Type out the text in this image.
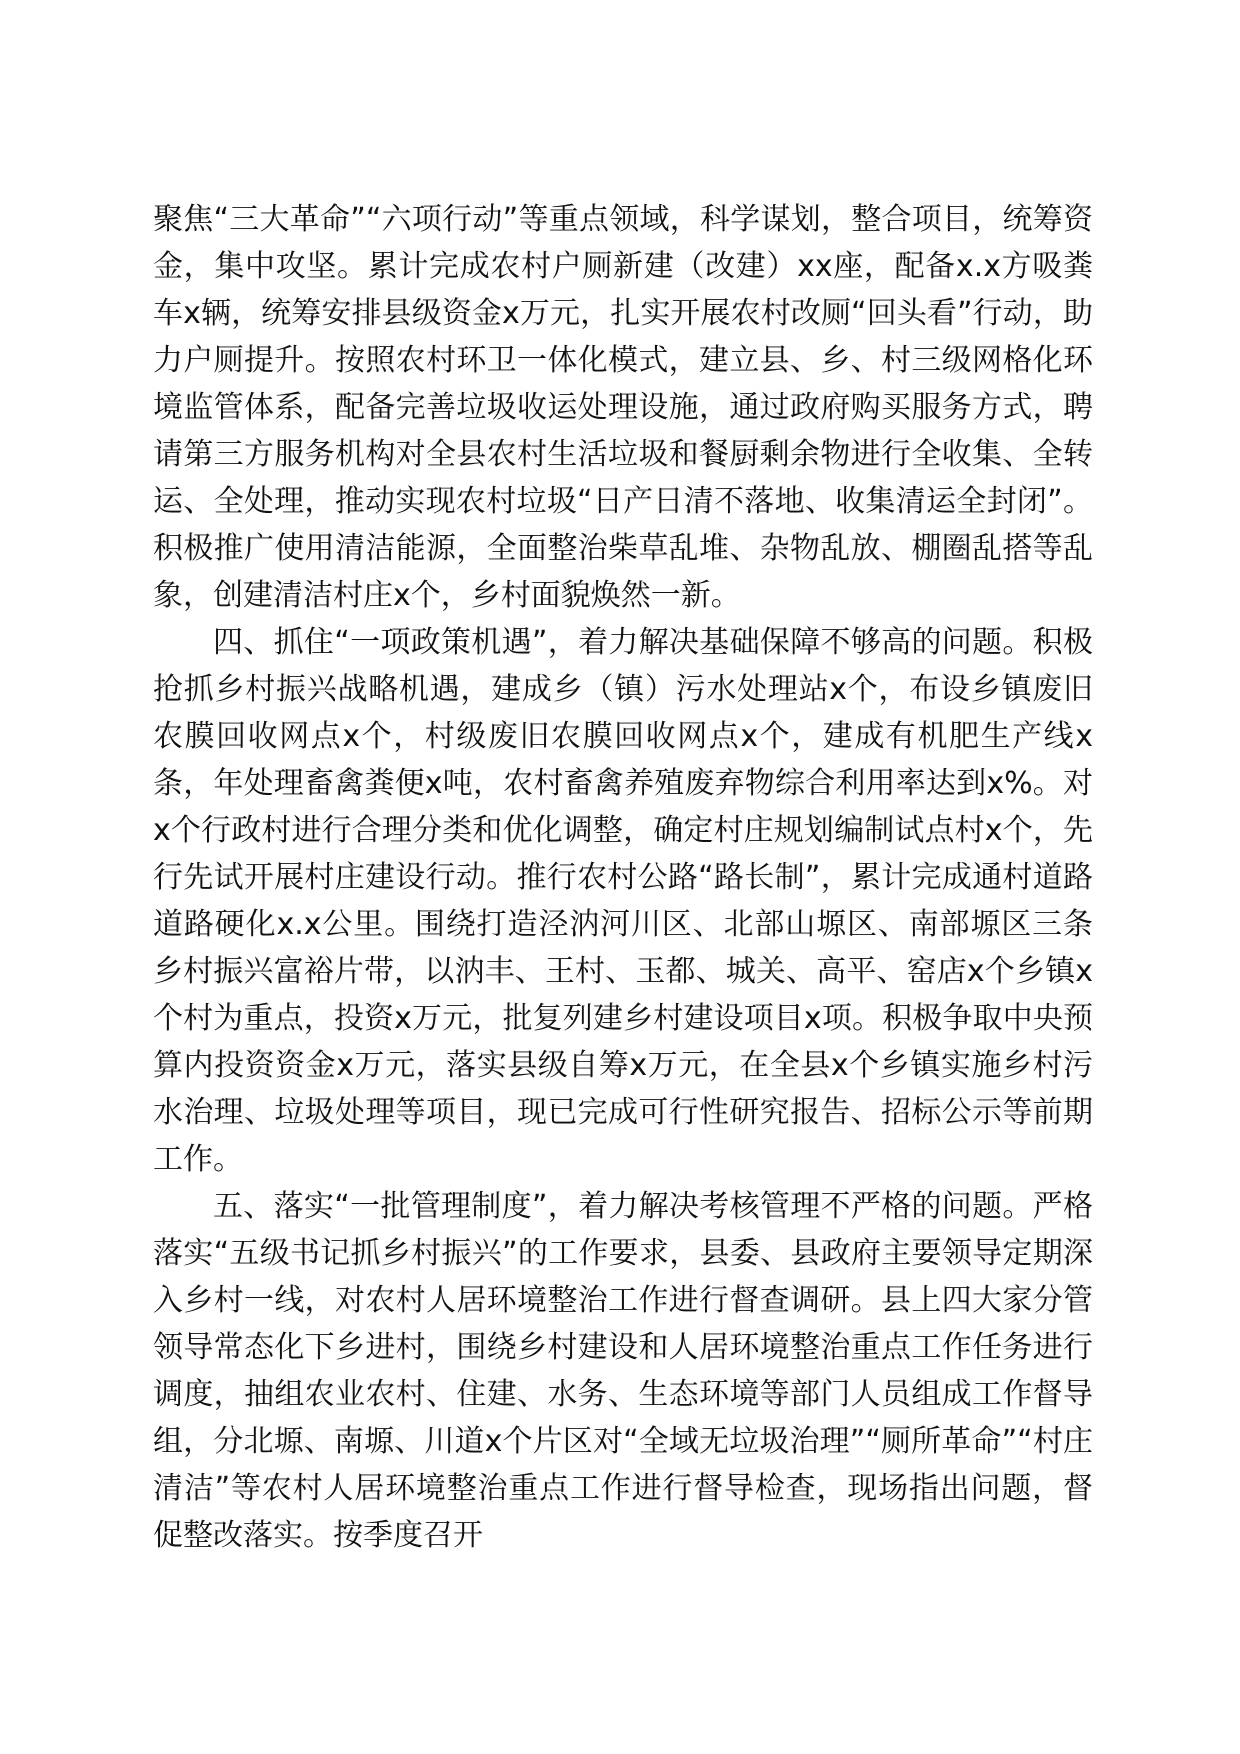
聚焦“三大革命”“六项行动”等重点领域，科学谋划，整合项目，统筹资金，集中攻坚。累计完成农村户厕新建（改建）xx座，配备x.x方吸粪车x辆，统筹安排县级资金x万元，扎实开展农村改厕“回头看”行动，助力户厕提升。按照农村环卫一体化模式，建立县、乡、村三级网格化环境监管体系，配备完善垃圾收运处理设施，通过政府购买服务方式，聘请第三方服务机构对全县农村生活垃圾和餐厨剩余物进行全收集、全转运、全处理，推动实现农村垃圾“日产日清不落地、收集清运全封闭”。积极推广使用清洁能源，全面整治柴草乱堆、杂物乱放、棚圈乱搭等乱象，创建清洁村庄x个，乡村面貌焕然一新。

四、抓住“一项政策机遇”，着力解决基础保障不够高的问题。积极抢抓乡村振兴战略机遇，建成乡（镇）污水处理站x个，布设乡镇废旧农膜回收网点x个，村级废旧农膜回收网点x个，建成有机肥生产线x条，年处理畜禽粪便x吨，农村畜禽养殖废弃物综合利用率达到x%。对x个行政村进行合理分类和优化调整，确定村庄规划编制试点村x个，先行先试开展村庄建设行动。推行农村公路“路长制”，累计完成通村道路道路硬化x.x公里。围绕打造泾汭河川区、北部山塬区、南部塬区三条乡村振兴富裕片带，以汭丰、王村、玉都、城关、高平、窑店x个乡镇x个村为重点，投资x万元，批复列建乡村建设项目x项。积极争取中央预算内投资资金x万元，落实县级自筹x万元，在全县x个乡镇实施乡村污水治理、垃圾处理等项目，现已完成可行性研究报告、招标公示等前期工作。

五、落实“一批管理制度”，着力解决考核管理不严格的问题。严格落实“五级书记抓乡村振兴”的工作要求，县委、县政府主要领导定期深入乡村一线，对农村人居环境整治工作进行督查调研。县上四大家分管领导常态化下乡进村，围绕乡村建设和人居环境整治重点工作任务进行调度，抽组农业农村、住建、水务、生态环境等部门人员组成工作督导组，分北塬、南塬、川道x个片区对“全域无垃圾治理”“厕所革命”“村庄清洁”等农村人居环境整治重点工作进行督导检查，现场指出问题，督促整改落实。按季度召开
